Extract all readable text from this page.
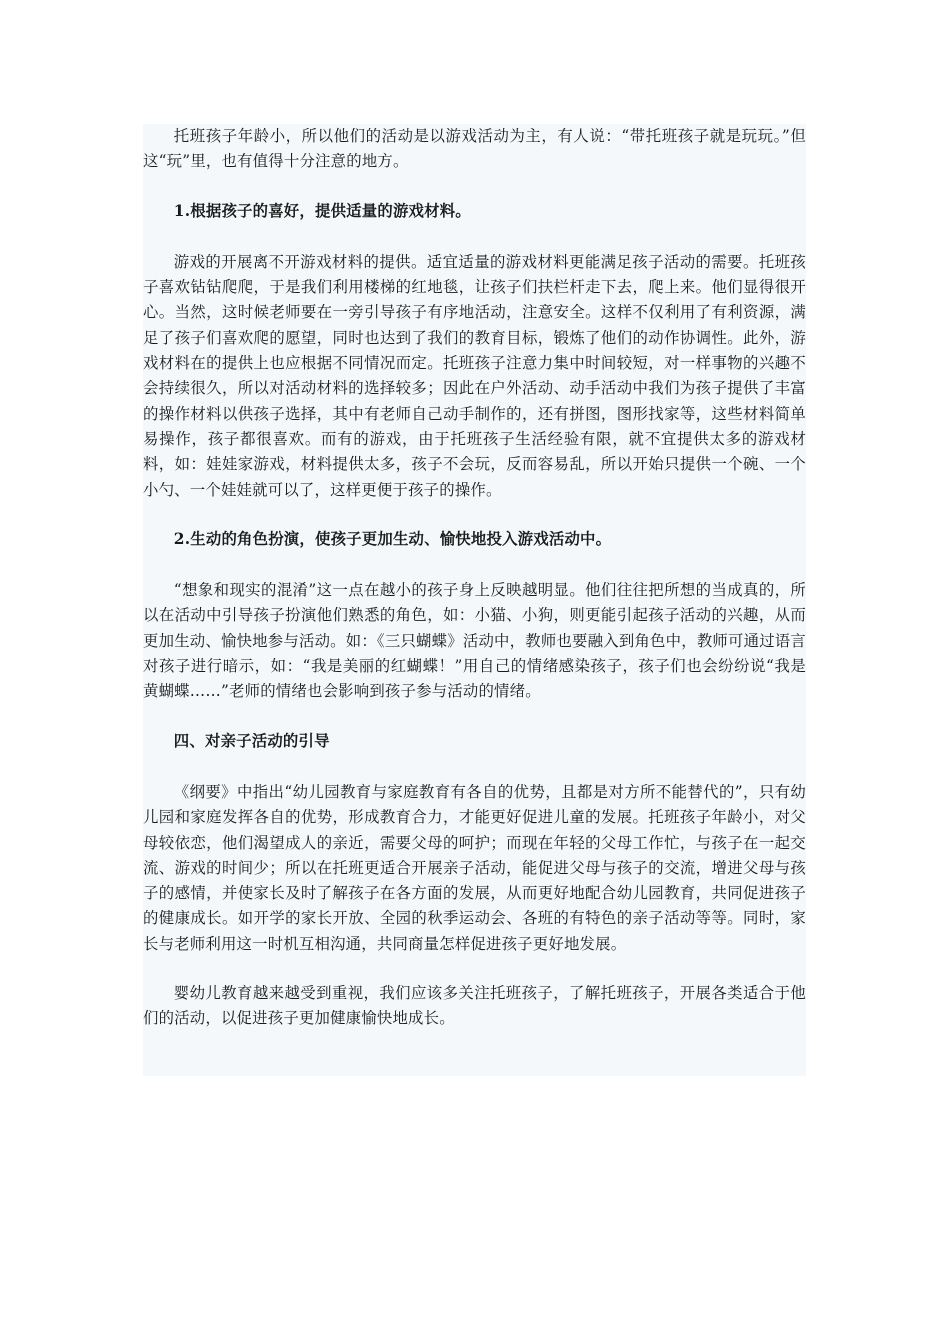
托班孩子年龄小，所以他们的活动是以游戏活动为主，有人说：“带托班孩子就是玩玩。”但这“玩”里，也有值得十分注意的地方。

1.根据孩子的喜好，提供适量的游戏材料。

游戏的开展离不开游戏材料的提供。适宜适量的游戏材料更能满足孩子活动的需要。托班孩子喜欢钻钻爬爬，于是我们利用楼梯的红地毯，让孩子们扶栏杆走下去，爬上来。他们显得很开心。当然，这时候老师要在一旁引导孩子有序地活动，注意安全。这样不仅利用了有利资源，满足了孩子们喜欢爬的愿望，同时也达到了我们的教育目标，锻炼了他们的动作协调性。此外，游戏材料在的提供上也应根据不同情况而定。托班孩子注意力集中时间较短，对一样事物的兴趣不会持续很久，所以对活动材料的选择较多；因此在户外活动、动手活动中我们为孩子提供了丰富的操作材料以供孩子选择，其中有老师自己动手制作的，还有拼图，图形找家等，这些材料简单易操作，孩子都很喜欢。而有的游戏，由于托班孩子生活经验有限，就不宜提供太多的游戏材料，如：娃娃家游戏，材料提供太多，孩子不会玩，反而容易乱，所以开始只提供一个碗、一个小勺、一个娃娃就可以了，这样更便于孩子的操作。

2.生动的角色扮演，使孩子更加生动、愉快地投入游戏活动中。

“想象和现实的混淆”这一点在越小的孩子身上反映越明显。他们往往把所想的当成真的，所以在活动中引导孩子扮演他们熟悉的角色，如：小猫、小狗，则更能引起孩子活动的兴趣，从而更加生动、愉快地参与活动。如：《三只蝴蝶》活动中，教师也要融入到角色中，教师可通过语言对孩子进行暗示，如：“我是美丽的红蝴蝶！”用自己的情绪感染孩子，孩子们也会纷纷说“我是黄蝴蝶……”老师的情绪也会影响到孩子参与活动的情绪。

四、对亲子活动的引导

《纲要》中指出“幼儿园教育与家庭教育有各自的优势，且都是对方所不能替代的”，只有幼儿园和家庭发挥各自的优势，形成教育合力，才能更好促进儿童的发展。托班孩子年龄小，对父母较依恋，他们渴望成人的亲近，需要父母的呵护；而现在年轻的父母工作忙，与孩子在一起交流、游戏的时间少；所以在托班更适合开展亲子活动，能促进父母与孩子的交流，增进父母与孩子的感情，并使家长及时了解孩子在各方面的发展，从而更好地配合幼儿园教育，共同促进孩子的健康成长。如开学的家长开放、全园的秋季运动会、各班的有特色的亲子活动等等。同时，家长与老师利用这一时机互相沟通，共同商量怎样促进孩子更好地发展。

婴幼儿教育越来越受到重视，我们应该多关注托班孩子，了解托班孩子，开展各类适合于他们的活动，以促进孩子更加健康愉快地成长。
